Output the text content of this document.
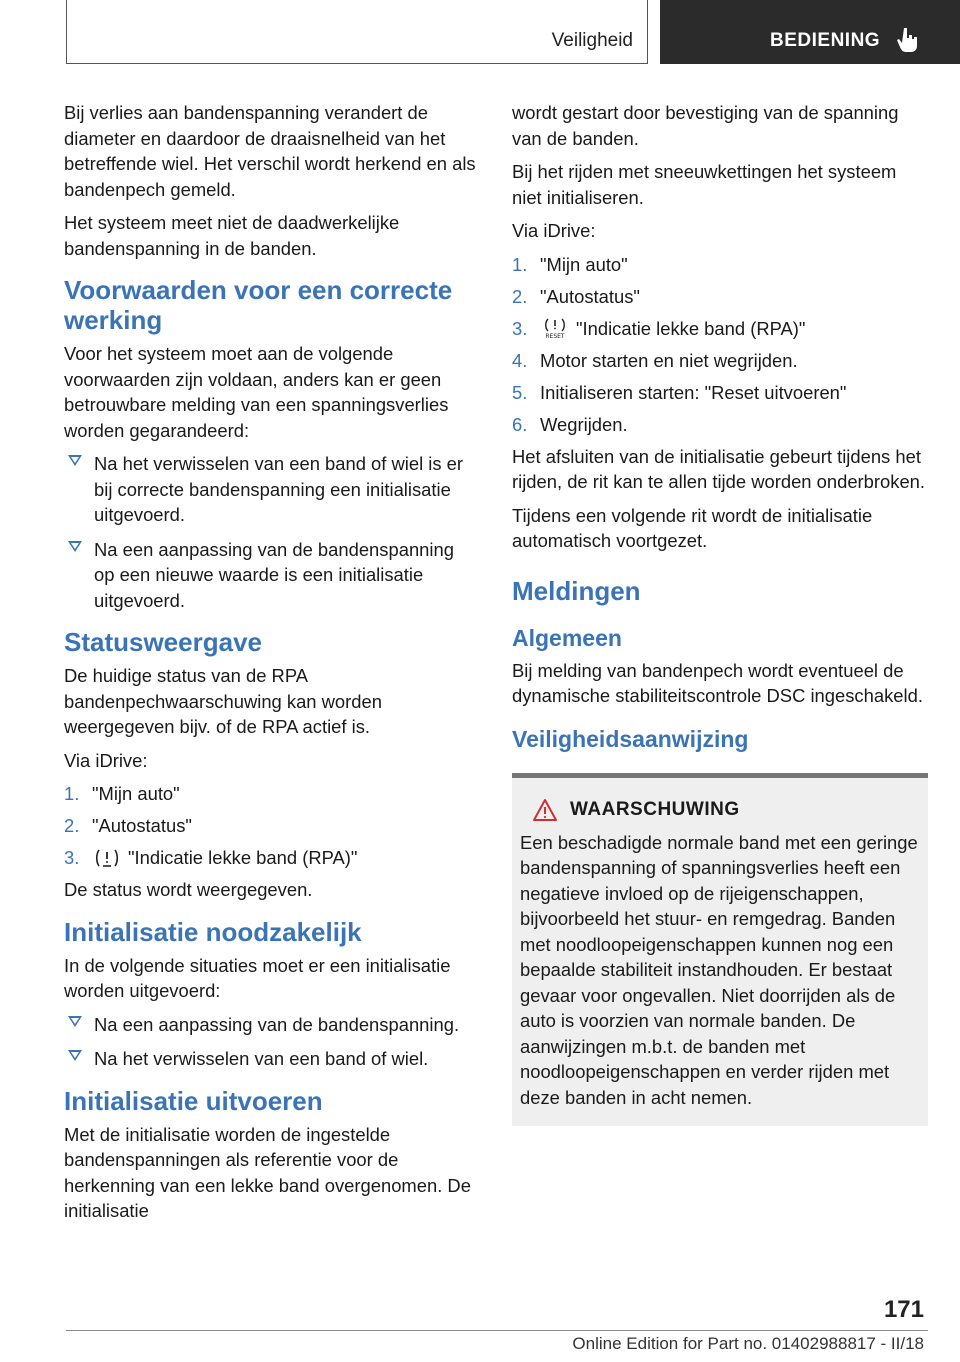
Veiligheid	BEDIENING

Bij verlies aan bandenspanning verandert de diameter en daardoor de draaisnelheid van het betreffende wiel. Het verschil wordt herkend en als bandenpech gemeld.

Het systeem meet niet de daadwerkelijke bandenspanning in de banden.

Voorwaarden voor een correcte werking

Voor het systeem moet aan de volgende voorwaarden zijn voldaan, anders kan er geen betrouwbare melding van een spanningsverlies worden gegarandeerd:

Na het verwisselen van een band of wiel is er bij correcte bandenspanning een initialisatie uitgevoerd.
Na een aanpassing van de bandenspanning op een nieuwe waarde is een initialisatie uitgevoerd.
Statusweergave

De huidige status van de RPA bandenpechwaarschuwing kan worden weergegeven bijv. of de RPA actief is.

Via iDrive:

1. "Mijn auto"
2. "Autostatus"
3.	"Indicatie lekke band (RPA)"

De status wordt weergegeven.

Initialisatie noodzakelijk

In de volgende situaties moet er een initialisatie worden uitgevoerd:

Na een aanpassing van de bandenspanning.
Na het verwisselen van een band of wiel.
Initialisatie uitvoeren

Met de initialisatie worden de ingestelde bandenspanningen als referentie voor de herkenning van een lekke band overgenomen. De initialisatie

wordt gestart door bevestiging van de spanning van de banden.

Bij het rijden met sneeuwkettingen het systeem niet initialiseren.

Via iDrive:

1. "Mijn auto"
2. "Autostatus"
3.	RESET "Indicatie lekke band (RPA)"
4. Motor starten en niet wegrijden.
5. Initialiseren starten: "Reset uitvoeren"
6. Wegrijden.

Het afsluiten van de initialisatie gebeurt tijdens het rijden, de rit kan te allen tijde worden onderbroken.

Tijdens een volgende rit wordt de initialisatie automatisch voortgezet.

Meldingen
Algemeen

Bij melding van bandenpech wordt eventueel de dynamische stabiliteitscontrole DSC ingeschakeld.

Veiligheidsaanwijzing
WAARSCHUWING

Een beschadigde normale band met een geringe bandenspanning of spanningsverlies heeft een negatieve invloed op de rijeigenschappen, bijvoorbeeld het stuur- en remgedrag. Banden met noodloopeigenschappen kunnen nog een bepaalde stabiliteit instandhouden. Er bestaat gevaar voor ongevallen. Niet doorrijden als de auto is voorzien van normale banden. De aanwijzingen m.b.t. de banden met noodloopeigenschappen en verder rijden met deze banden in acht nemen.

171
Online Edition for Part no. 01402988817 - II/18
